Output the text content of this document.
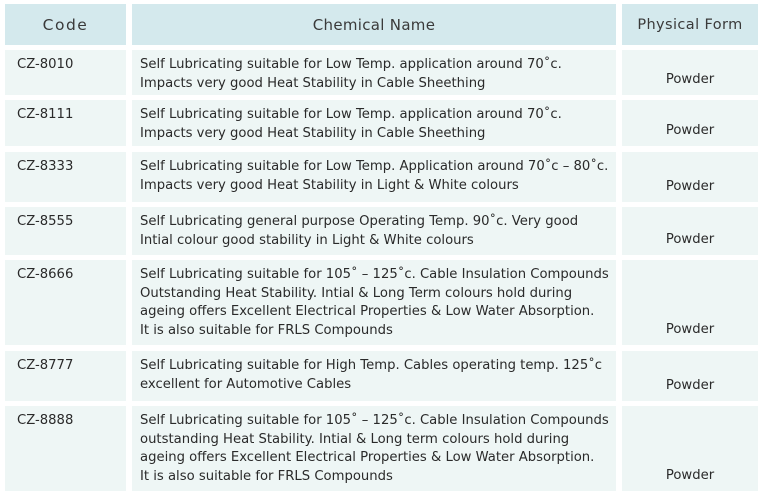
Code	Chemical Name	Physical Form
CZ-8010	Self Lubricating suitable for Low Temp. application around 70˚c.
Impacts very good Heat Stability in Cable Sheething	Powder
CZ-8111	Self Lubricating suitable for Low Temp. application around 70˚c.
Impacts very good Heat Stability in Cable Sheething	Powder
CZ-8333	Self Lubricating suitable for Low Temp. Application around 70˚c – 80˚c.
Impacts very good Heat Stability in Light & White colours	Powder
CZ-8555	Self Lubricating general purpose Operating Temp. 90˚c. Very good
Intial colour good stability in Light & White colours	Powder
CZ-8666	Self Lubricating suitable for 105˚ – 125˚c. Cable Insulation Compounds
Outstanding Heat Stability. Intial & Long Term colours hold during
ageing offers Excellent Electrical Properties & Low Water Absorption.
It is also suitable for FRLS Compounds	Powder
CZ-8777	Self Lubricating suitable for High Temp. Cables operating temp. 125˚c
excellent for Automotive Cables	Powder
CZ-8888	Self Lubricating suitable for 105˚ – 125˚c. Cable Insulation Compounds
outstanding Heat Stability. Intial & Long term colours hold during
ageing offers Excellent Electrical Properties & Low Water Absorption.
It is also suitable for FRLS Compounds	Powder
